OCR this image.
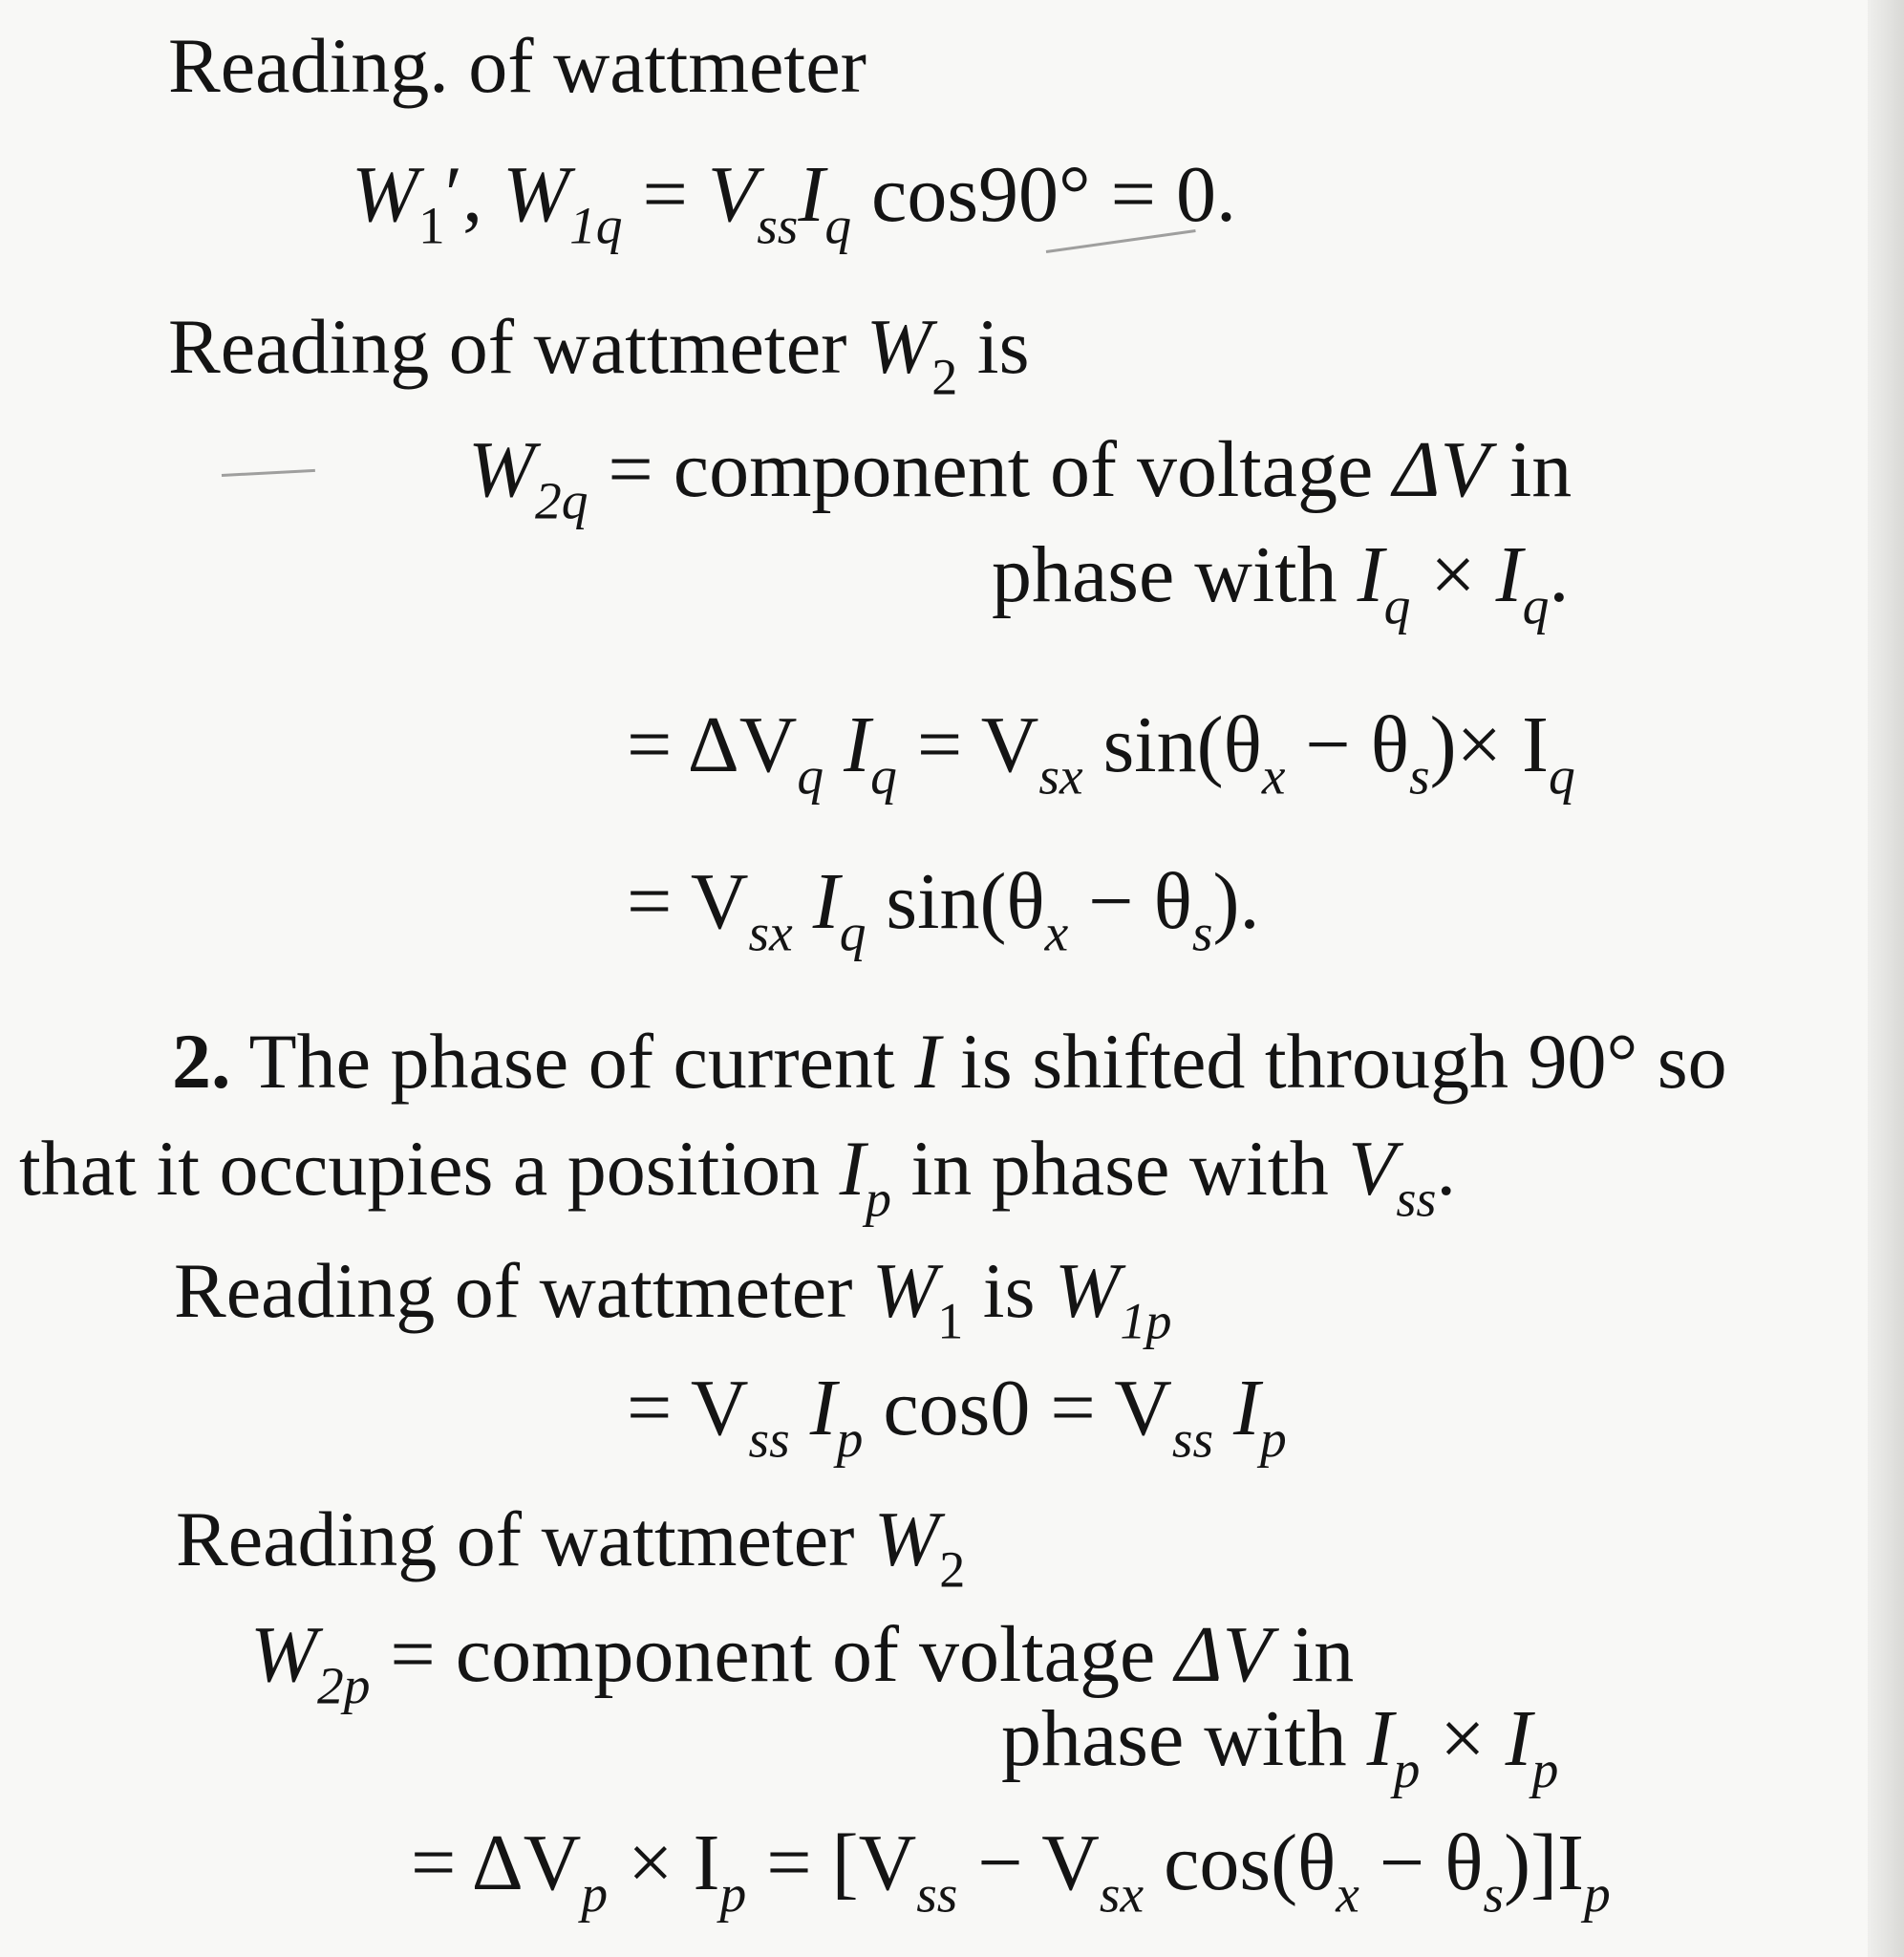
Reading. of wattmeter
$W_1'$, $W_{1q} = V_{ss}I_q$ cos90° = 0.
Reading of wattmeter $W_2$ is
$W_{2q}$ = component of voltage ΔV in
phase with $I_q \times I_q$.
= $\Delta V_q$ $I_q = V_{sx}$ $\sin(\theta_x - \theta_s)\times I_q$
= $V_{sx}$ $I_q$ $\sin(\theta_x - \theta_s)$.
2. The phase of current I is shifted through 90° so
that it occupies a position $I_p$ in phase with $V_{ss}$.
Reading of wattmeter $W_1$ is $W_{1p}$
= $V_{ss}$ $I_p$ $\cos 0 = V_{ss}$ $I_p$
Reading of wattmeter $W_2$
$W_{2p}$ = component of voltage ΔV in
phase with $I_p \times I_p$
= $\Delta V_p \times I_p = [V_{ss} - V_{sx}$ $\cos(\theta_x - \theta_s)]I_p$
